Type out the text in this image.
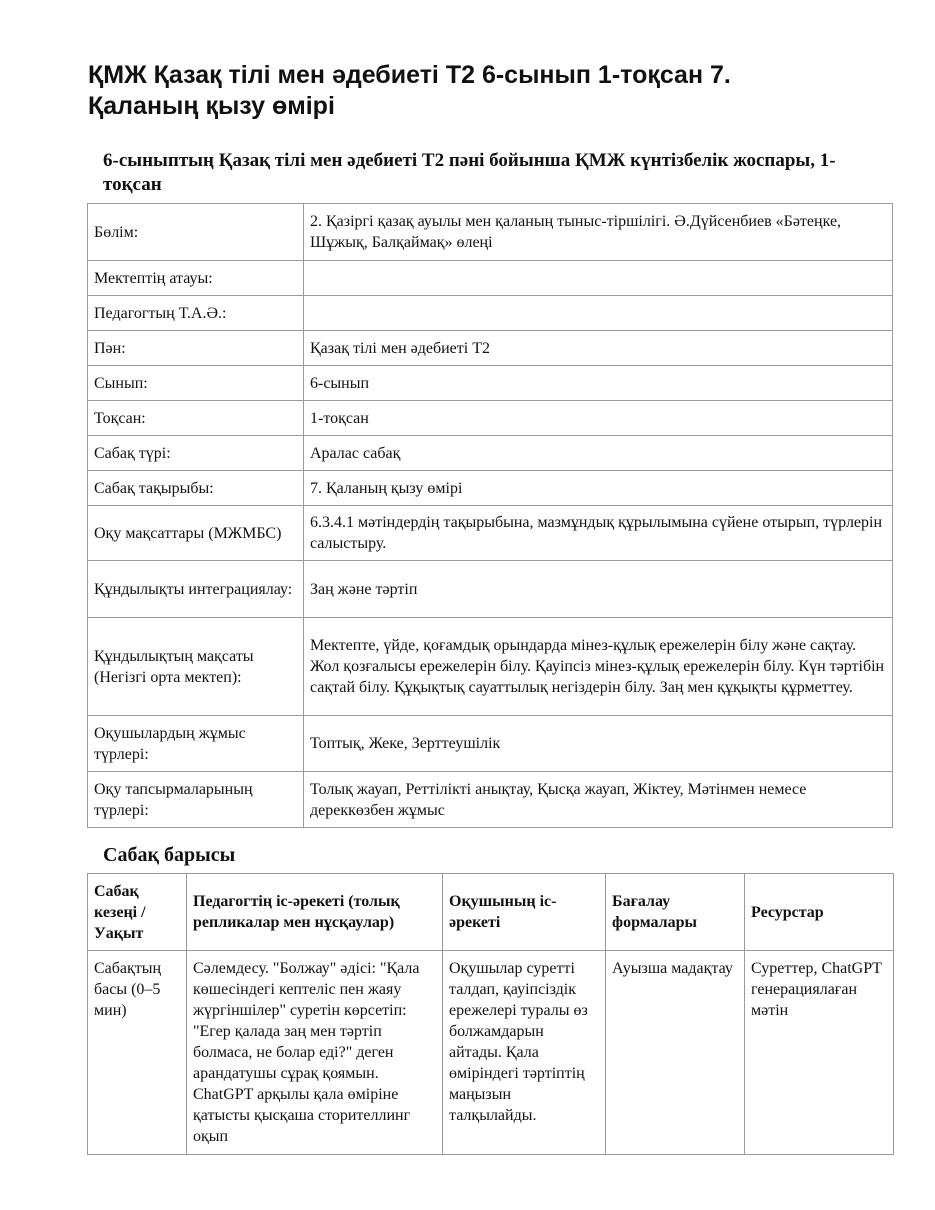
ҚМЖ Қазақ тілі мен әдебиеті Т2 6-сынып 1-тоқсан 7. Қаланың қызу өмірі
6-сыныптың Қазақ тілі мен әдебиеті Т2 пәні бойынша ҚМЖ күнтізбелік жоспары, 1-тоқсан
Бөлім:	2. Қазіргі қазақ ауылы мен қаланың тыныс-тіршілігі. Ә.Дүйсенбиев «Бәтеңке, Шұжық, Балқаймақ» өлеңі
Мектептің атауы:	
Педагогтың Т.А.Ә.:	
Пән:	Қазақ тілі мен әдебиеті Т2
Сынып:	6-сынып
Тоқсан:	1-тоқсан
Сабақ түрі:	Аралас сабақ
Сабақ тақырыбы:	7. Қаланың қызу өмірі
Оқу мақсаттары (МЖМБС)	6.3.4.1 мәтіндердің тақырыбына, мазмұндық құрылымына сүйене отырып, түрлерін салыстыру.
Құндылықты интеграциялау:	Заң және тәртіп
Құндылықтың мақсаты (Негізгі орта мектеп):	Мектепте, үйде, қоғамдық орындарда мінез-құлық ережелерін білу және сақтау. Жол қозғалысы ережелерін білу. Қауіпсіз мінез-құлық ережелерін білу. Күн тәртібін сақтай білу. Құқықтық сауаттылық негіздерін білу. Заң мен құқықты құрметтеу.
Оқушылардың жұмыс түрлері:	Топтық, Жеке, Зерттеушілік
Оқу тапсырмаларының түрлері:	Толық жауап, Реттілікті анықтау, Қысқа жауап, Жіктеу, Мәтінмен немесе дереккөзбен жұмыс
Сабақ барысы
Сабақ кезеңі / Уақыт	Педагогтің іс-әрекеті (толық репликалар мен нұсқаулар)	Оқушының іс-әрекеті	Бағалау формалары	Ресурстар
Сабақтың басы (0–5 мин)	Сәлемдесу. "Болжау" әдісі: "Қала көшесіндегі кептеліс пен жаяу жүргіншілер" суретін көрсетіп: "Егер қалада заң мен тәртіп болмаса, не болар еді?" деген арандатушы сұрақ қоямын. ChatGPT арқылы қала өміріне қатысты қысқаша сторителлинг оқып	Оқушылар суретті талдап, қауіпсіздік ережелері туралы өз болжамдарын айтады. Қала өміріндегі тәртіптің маңызын талқылайды.	Ауызша мадақтау	Суреттер, ChatGPT генерациялаған мәтін
